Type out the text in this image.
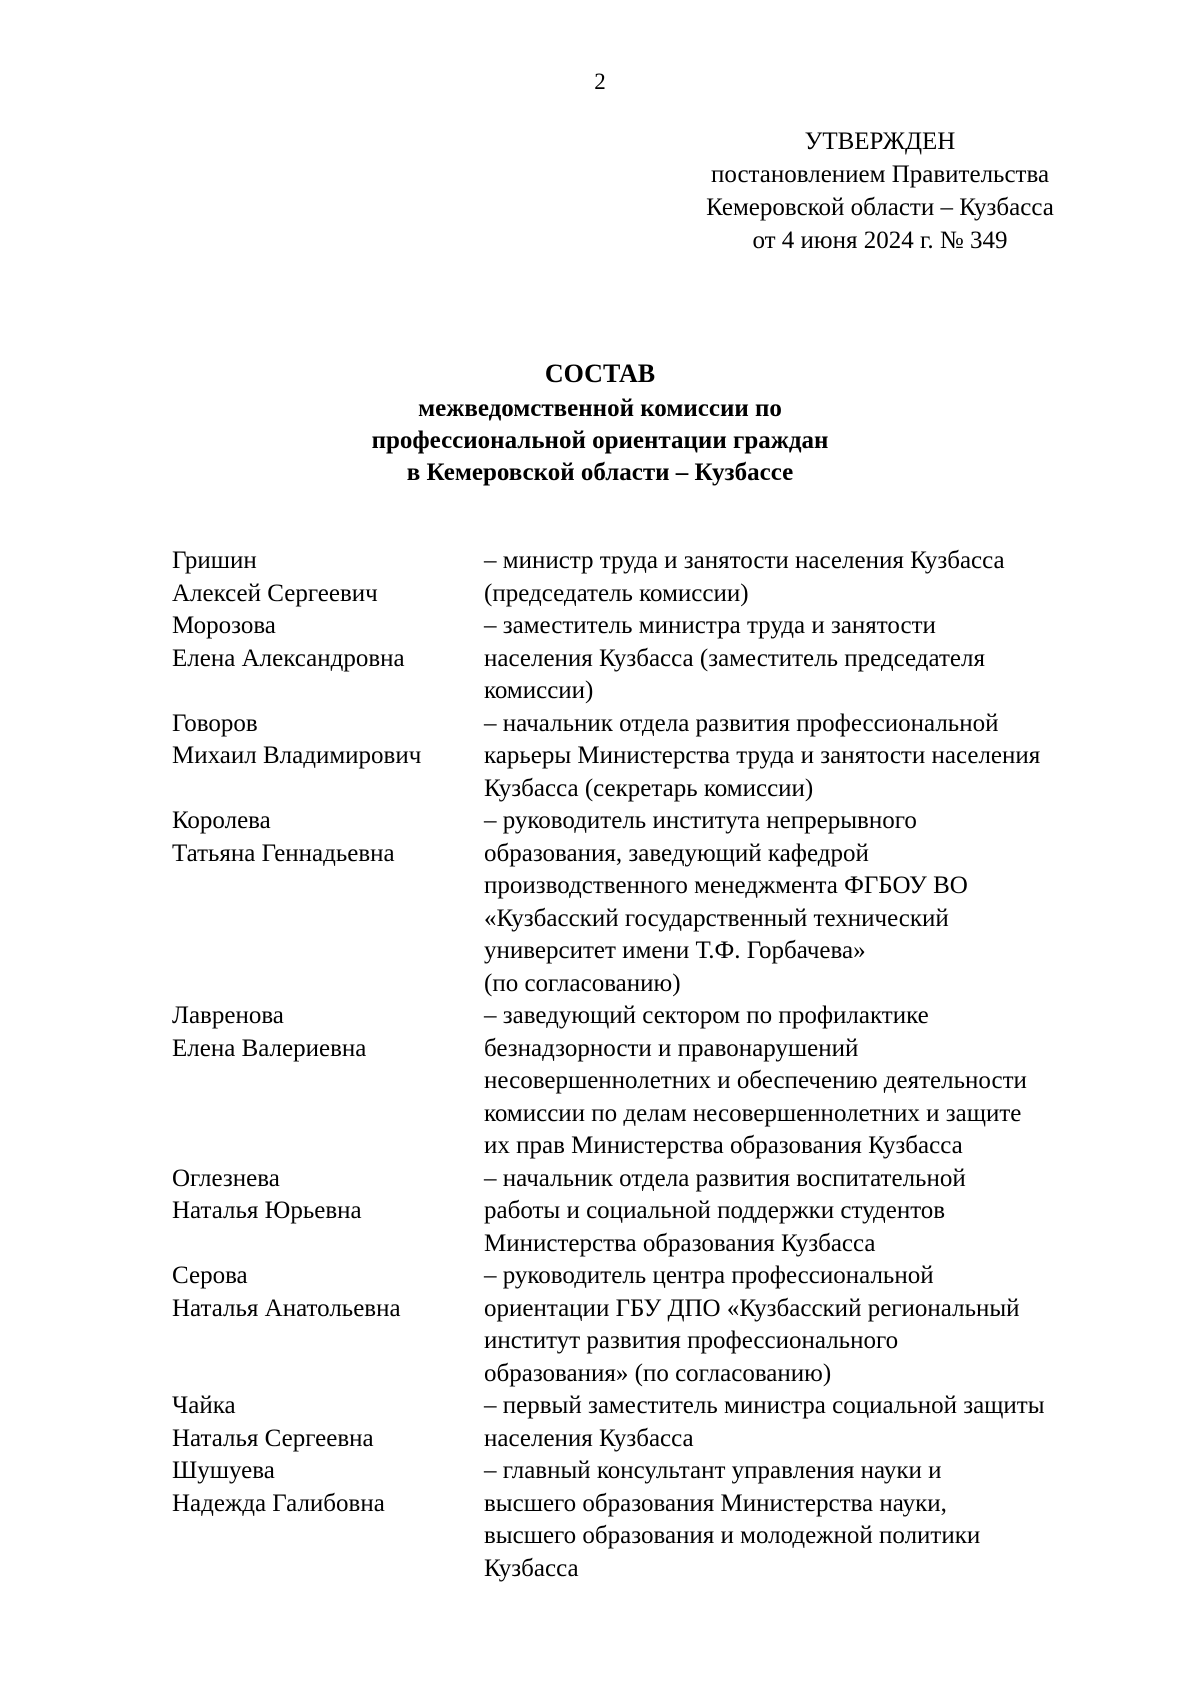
2
УТВЕРЖДЕН
постановлением Правительства
Кемеровской области – Кузбасса
от 4 июня 2024 г. № 349
СОСТАВ
межведомственной комиссии по
профессиональной ориентации граждан
в Кемеровской области – Кузбассе
Гришин
Алексей Сергеевич
– министр труда и занятости населения Кузбасса
(председатель комиссии)
Морозова
Елена Александровна
– заместитель министра труда и занятости
населения Кузбасса (заместитель председателя
комиссии)
Говоров
Михаил Владимирович
– начальник отдела развития профессиональной
карьеры Министерства труда и занятости населения
Кузбасса (секретарь комиссии)
Королева
Татьяна Геннадьевна
– руководитель института непрерывного
образования, заведующий кафедрой
производственного менеджмента ФГБОУ ВО
«Кузбасский государственный технический
университет имени Т.Ф. Горбачева»
(по согласованию)
Лавренова
Елена Валериевна
– заведующий сектором по профилактике
безнадзорности и правонарушений
несовершеннолетних и обеспечению деятельности
комиссии по делам несовершеннолетних и защите
их прав Министерства образования Кузбасса
Оглезнева
Наталья Юрьевна
– начальник отдела развития воспитательной
работы и социальной поддержки студентов
Министерства образования Кузбасса
Серова
Наталья Анатольевна
– руководитель центра профессиональной
ориентации ГБУ ДПО «Кузбасский региональный
институт развития профессионального
образования» (по согласованию)
Чайка
Наталья Сергеевна
– первый заместитель министра социальной защиты
населения Кузбасса
Шушуева
Надежда Галибовна
– главный консультант управления науки и
высшего образования Министерства науки,
высшего образования и молодежной политики
Кузбасса
